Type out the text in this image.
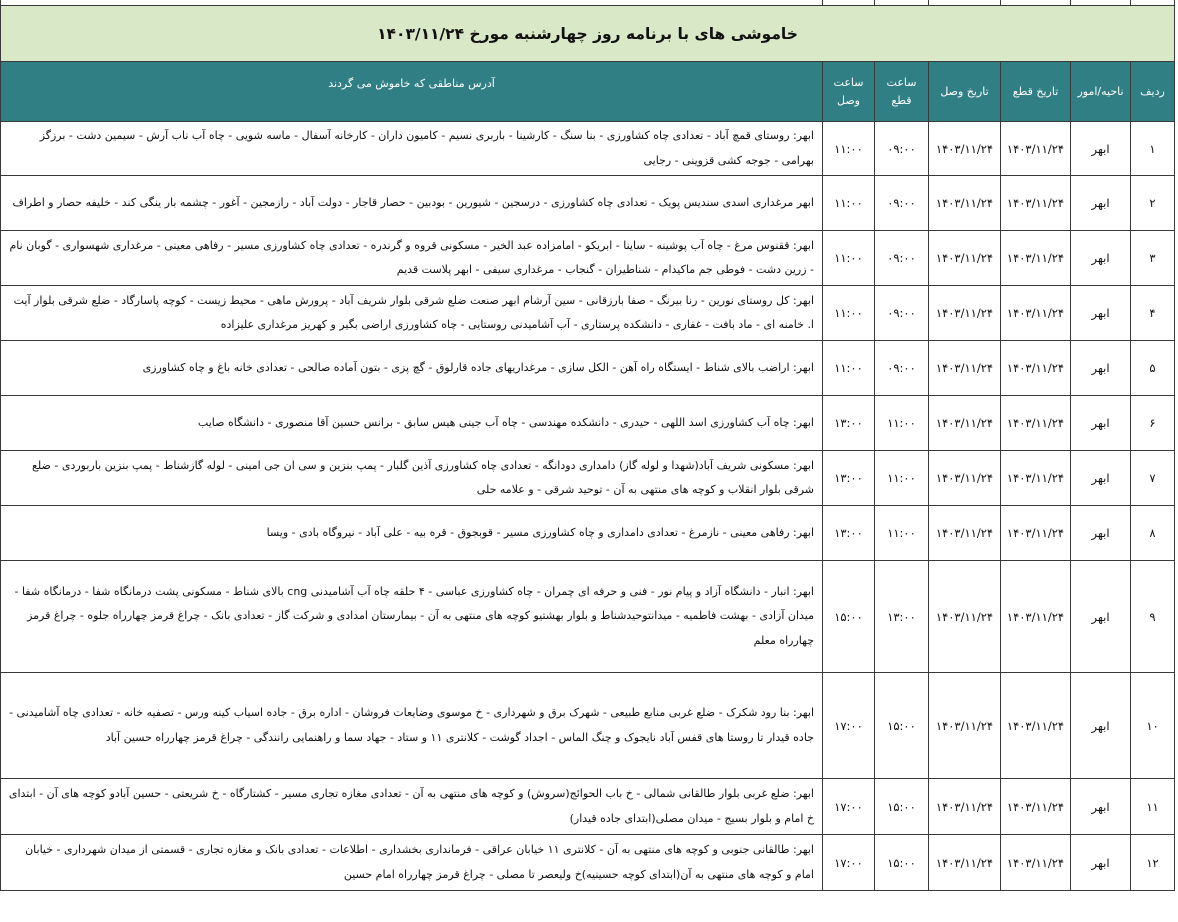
خاموشی های با برنامه روز چهارشنبه مورخ ۱۴۰۳/۱۱/۲۴						
ردیف	ناحیه/امور	تاریخ قطع	تاریخ وصل	ساعت قطع	ساعت وصل	آدرس مناطقی که خاموش می گردند
۱	ابهر	۱۴۰۳/۱۱/۲۴	۱۴۰۳/۱۱/۲۴	۰۹:۰۰	۱۱:۰۰	ابهر: روستای قمچ آباد - تعدادی چاه کشاورزی - بنا سنگ - کارشینا - باربری نسیم - کامیون داران - کارخانه آسفال - ماسه شویی - چاه آب ناب آرش - سیمین دشت - برزگز بهرامی - جوجه کشی قزوینی - رجایی
۲	ابهر	۱۴۰۳/۱۱/۲۴	۱۴۰۳/۱۱/۲۴	۰۹:۰۰	۱۱:۰۰	ابهر مرغداری اسدی سندیس پویک - تعدادی چاه کشاورزی - درسجین - شیورین - بودبین - حصار قاجار - دولت آباد - رازمجین - آغور - چشمه بار ینگی کند - خلیفه حصار و اطراف
۳	ابهر	۱۴۰۳/۱۱/۲۴	۱۴۰۳/۱۱/۲۴	۰۹:۰۰	۱۱:۰۰	ابهر: ققنوس مرغ - چاه آب پوشینه - ساینا - ابریکو - امامزاده عبد الخیر - مسکونی قروه و گرندره - تعدادی چاه کشاورزی مسیر - رفاهی معینی - مرغداری شهسواری - گوبان نام - زرین دشت - فوطی جم ماکیدام - شناطیران - گنجاب - مرغداری سیفی - ابهر پلاست قدیم
۴	ابهر	۱۴۰۳/۱۱/۲۴	۱۴۰۳/۱۱/۲۴	۰۹:۰۰	۱۱:۰۰	ابهر: کل روستای نورین - رنا بیرنگ - صفا بارزقانی - سین آرشام ابهر صنعت ضلع شرقی بلوار شریف آباد - پرورش ماهی - محیط زیست - کوچه پاسارگاد - ضلع شرقی بلوار آیت ا. خامنه ای - ماد بافت - غفاری - دانشکده پرستاری - آب آشامیدنی روستایی - چاه کشاورزی اراضی بگیر و کهریز مرغداری علیزاده
۵	ابهر	۱۴۰۳/۱۱/۲۴	۱۴۰۳/۱۱/۲۴	۰۹:۰۰	۱۱:۰۰	ابهر: اراضب بالای شناط - ایستگاه راه آهن - الکل سازی - مرغداریهای جاده قارلوق - گچ پزی - بتون آماده صالحی - تعدادی خانه باغ و چاه کشاورزی
۶	ابهر	۱۴۰۳/۱۱/۲۴	۱۴۰۳/۱۱/۲۴	۱۱:۰۰	۱۳:۰۰	ابهر: چاه آب کشاورزی اسد اللهی - حیدری - دانشکده مهندسی - چاه آب جینی هیس سابق - برانس حسین آقا منصوری - دانشگاه صایب
۷	ابهر	۱۴۰۳/۱۱/۲۴	۱۴۰۳/۱۱/۲۴	۱۱:۰۰	۱۳:۰۰	ابهر: مسکونی شریف آباد(شهدا و لوله گاز) دامداری دودانگه - تعدادی چاه کشاورزی آذین گلبار - پمپ بنزین و سی ان جی امینی - لوله گازشناط - پمپ بنزین باربوردی - ضلع شرقی بلوار انقلاب و کوچه های منتهی به آن - توحید شرقی - و علامه حلی
۸	ابهر	۱۴۰۳/۱۱/۲۴	۱۴۰۳/۱۱/۲۴	۱۱:۰۰	۱۳:۰۰	ابهر: رفاهی معینی - نازمرغ - تعدادی دامداری و چاه کشاورزی مسیر - قوبجوق - قره بیه - علی آباد - نیروگاه بادی - ویسا
۹	ابهر	۱۴۰۳/۱۱/۲۴	۱۴۰۳/۱۱/۲۴	۱۳:۰۰	۱۵:۰۰	ابهر: انبار - دانشگاه آزاد و پیام نور - فنی و حرفه ای چمران - چاه کشاورزی عباسی - ۴ حلقه چاه آب آشامیدنی cng بالای شناط - مسکونی پشت درمانگاه شفا - درمانگاه شفا - میدان آزادی - بهشت فاطمیه - میدانتوحیدشناط و بلوار بهشتیو کوچه های منتهی به آن - بیمارستان امدادی و شرکت گاز - تعدادی بانک - چراغ قرمز چهارراه جلوه - چراغ قرمز چهارراه معلم
۱۰	ابهر	۱۴۰۳/۱۱/۲۴	۱۴۰۳/۱۱/۲۴	۱۵:۰۰	۱۷:۰۰	ابهر: بنا رود شکرک - ضلع غربی منابع طبیعی - شهرک برق و شهرداری - خ موسوی وضایعات فروشان - اداره برق - جاده اسیاب کینه ورس - تصفیه خانه - تعدادی چاه آشامیدنی - جاده قیدار تا روستا های قفس آباد نایجوک و چنگ الماس - اجداد گوشت - کلانتری ۱۱ و ستاد - جهاد سما و راهنمایی رانندگی - چراغ قرمز چهارراه حسین آباد
۱۱	ابهر	۱۴۰۳/۱۱/۲۴	۱۴۰۳/۱۱/۲۴	۱۵:۰۰	۱۷:۰۰	ابهر: ضلع غربی بلوار طالقانی شمالی - خ باب الحوائج(سروش) و کوچه های منتهی به آن - تعدادی مغازه تجاری مسیر - کشتارگاه - خ شریعتی - حسین آبادو کوچه های آن - ابتدای خ امام و بلوار بسیج - میدان مصلی(ابتدای جاده قیدار)
۱۲	ابهر	۱۴۰۳/۱۱/۲۴	۱۴۰۳/۱۱/۲۴	۱۵:۰۰	۱۷:۰۰	ابهر: طالقانی جنوبی و کوچه های منتهی به آن - کلانتری ۱۱ خیابان عراقی - فرمانداری بخشداری - اطلاعات - تعدادی بانک و مغازه تجاری - قسمتی از میدان شهرداری - خیابان امام و کوچه های منتهی به آن(ابتدای کوچه حسینیه)خ ولیعصر تا مصلی - چراغ قرمز چهارراه امام حسین
